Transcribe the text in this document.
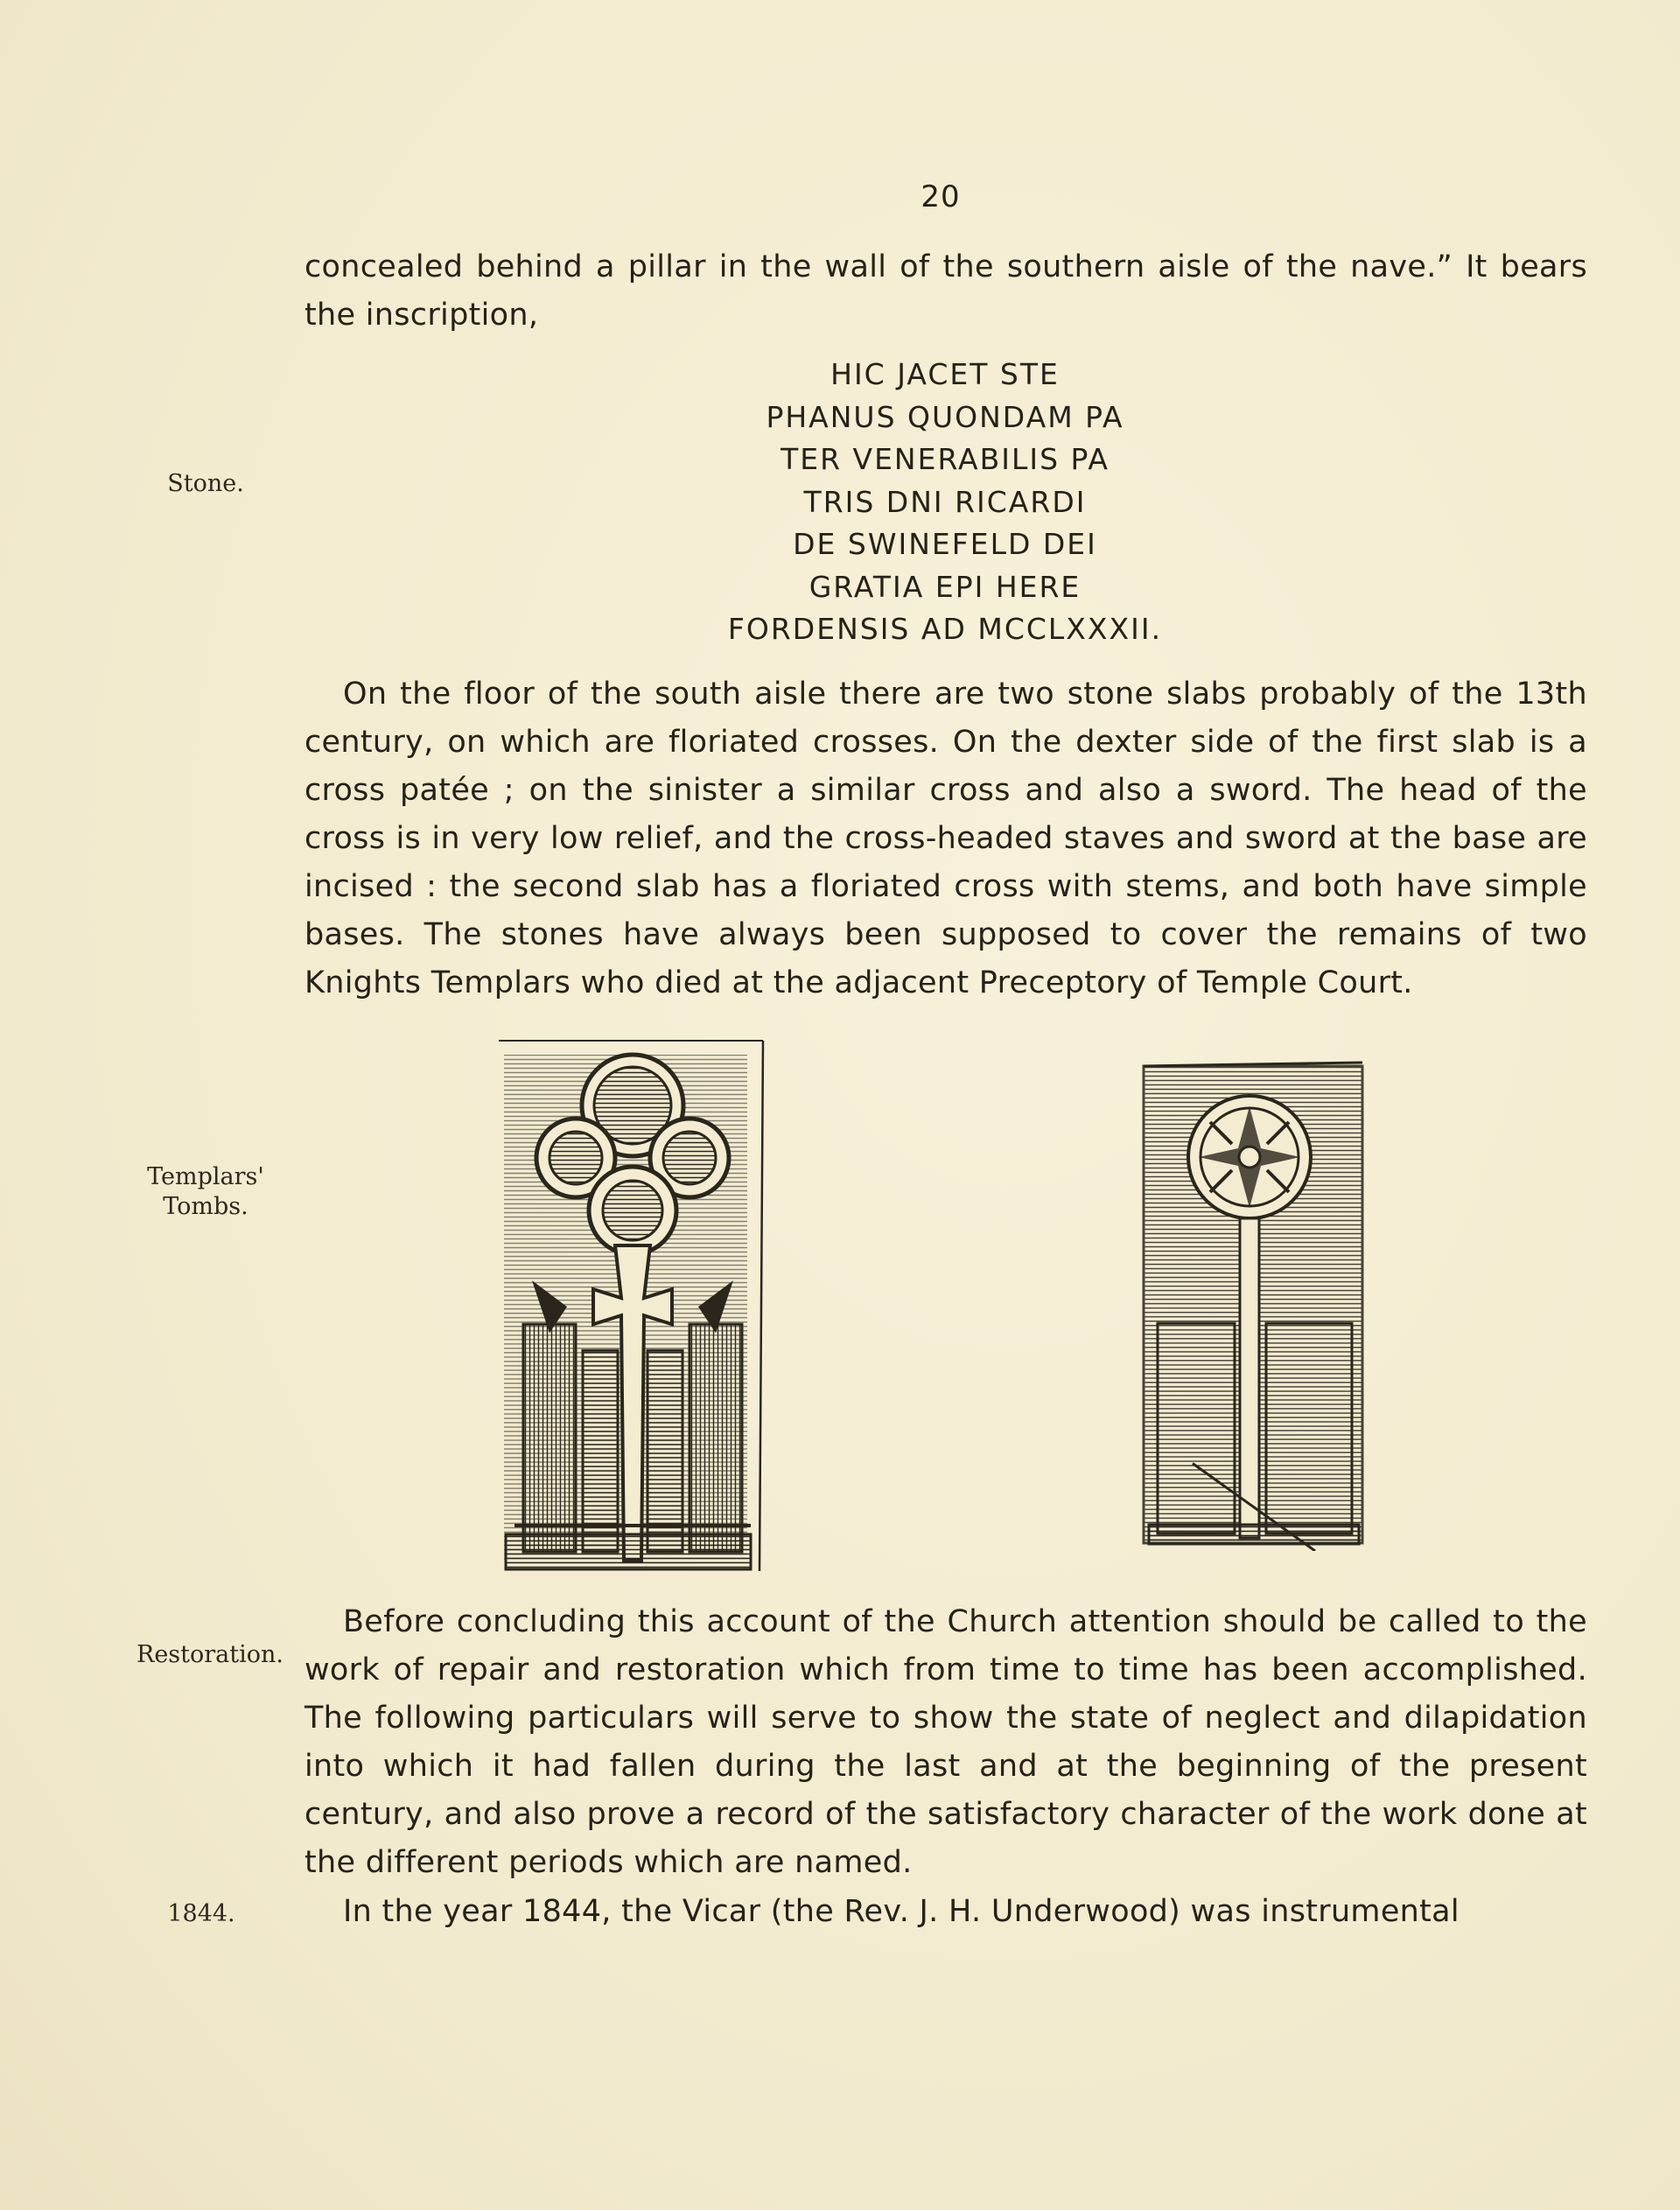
20

concealed behind a pillar in the wall of the southern aisle of the nave.” It bears the inscription,

HIC JACET STE
PHANUS QUONDAM PA
TER VENERABILIS PA
TRIS DNI RICARDI
DE SWINEFELD DEI
GRATIA EPI HERE
FORDENSIS AD MCCLXXXII.
Stone.

On the floor of the south aisle there are two stone slabs probably of the 13th century, on which are floriated crosses. On the dexter side of the first slab is a cross patée ; on the sinister a similar cross and also a sword. The head of the cross is in very low relief, and the cross-headed staves and sword at the base are incised : the second slab has a floriated cross with stems, and both have simple bases. The stones have always been supposed to cover the remains of two Knights Templars who died at the adjacent Preceptory of Temple Court.

Templars' Tombs.
Restoration.

Before concluding this account of the Church attention should be called to the work of repair and restoration which from time to time has been accomplished. The following particulars will serve to show the state of neglect and dilapidation into which it had fallen during the last and at the beginning of the present century, and also prove a record of the satisfactory character of the work done at the different periods which are named.

1844.	In the year 1844, the Vicar (the Rev. J. H. Underwood) was instrumental
